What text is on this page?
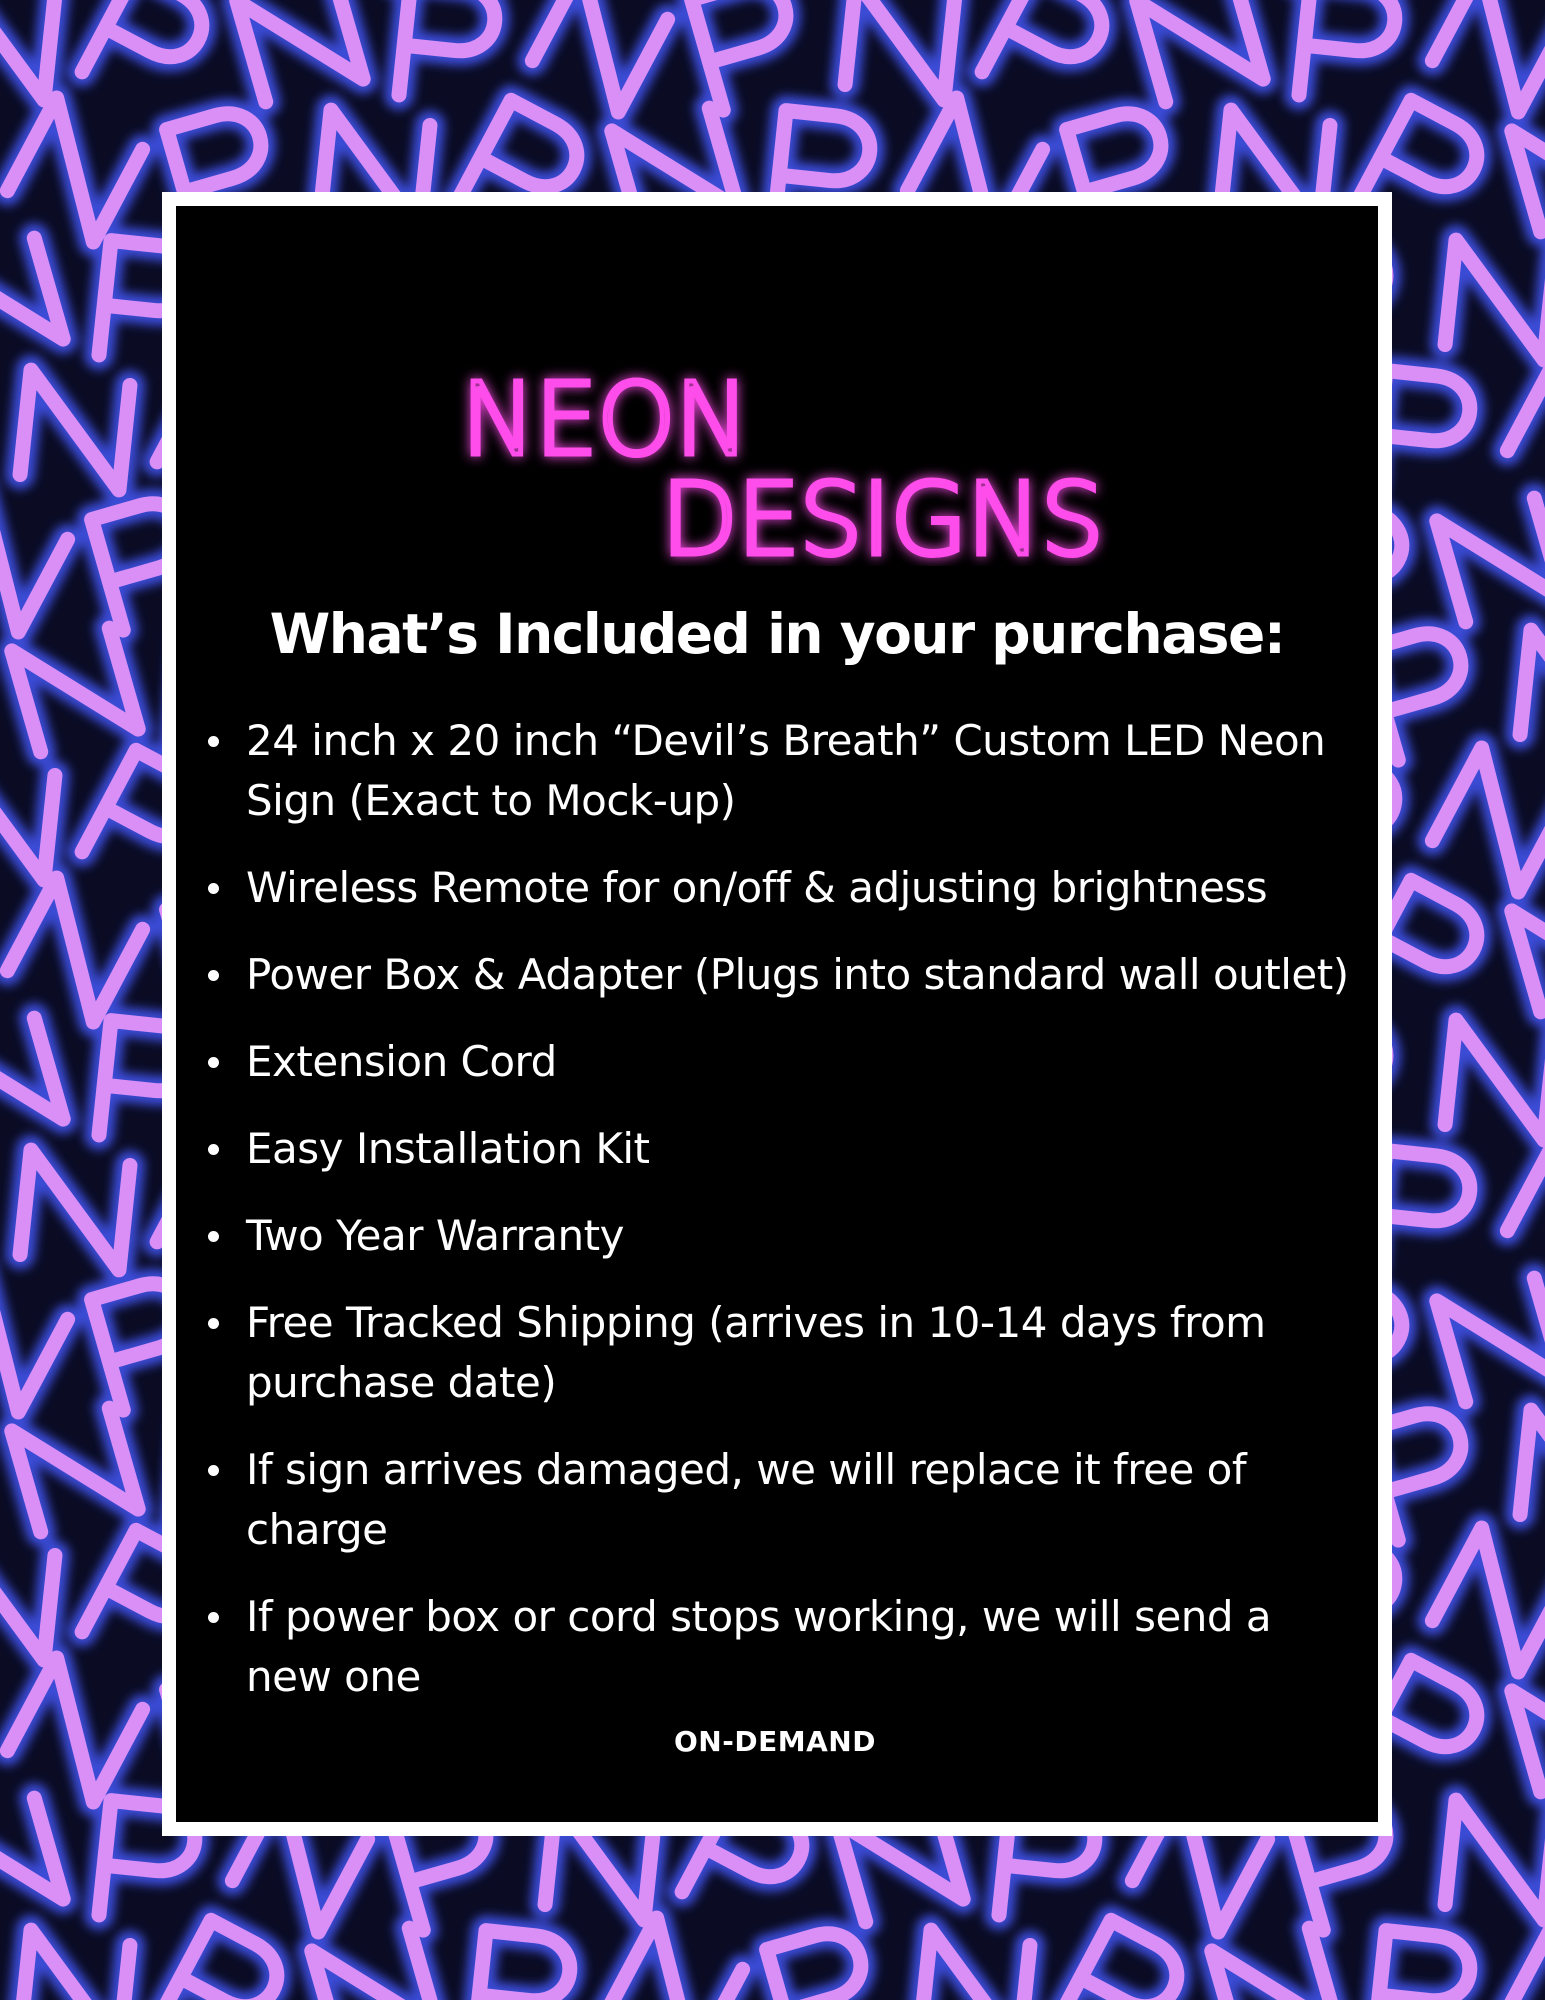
NEON
DESIGNS
What’s Included in your purchase:
24 inch x 20 inch “Devil’s Breath” Custom LED Neon Sign (Exact to Mock-up)
Wireless Remote for on/off & adjusting brightness
Power Box & Adapter (Plugs into standard wall outlet)
Extension Cord
Easy Installation Kit
Two Year Warranty
Free Tracked Shipping (arrives in 10-14 days from purchase date)
If sign arrives damaged, we will replace it free of charge
If power box or cord stops working, we will send a new one

ON-DEMAND
